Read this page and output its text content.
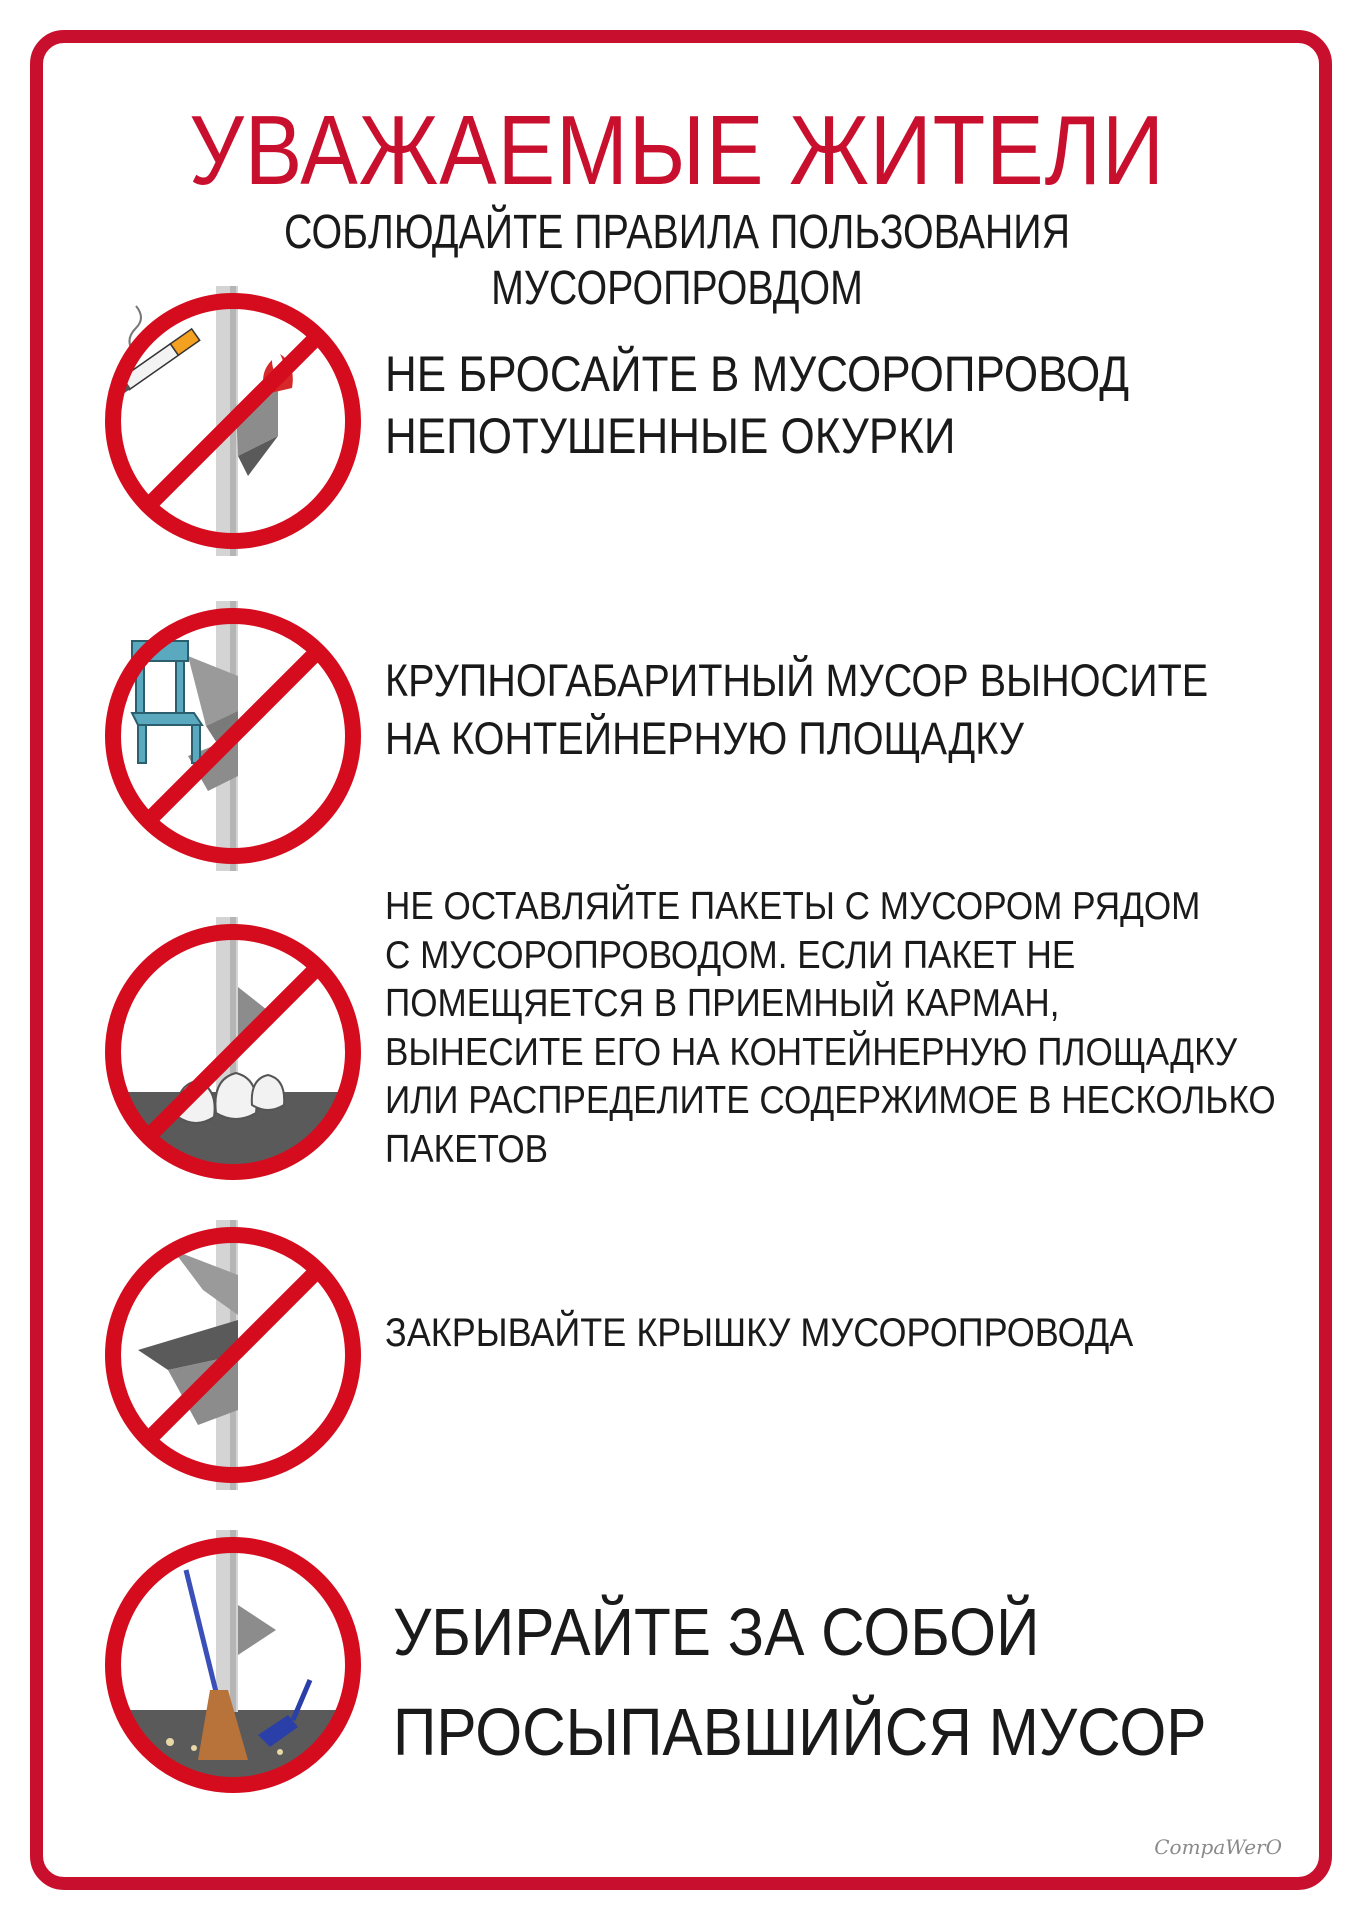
УВАЖАЕМЫЕ ЖИТЕЛИ
СОБЛЮДАЙТЕ ПРАВИЛА ПОЛЬЗОВАНИЯ МУСОРОПРОВДОМ

НЕ БРОСАЙТЕ В МУСОРОПРОВОД
НЕПОТУШЕННЫЕ ОКУРКИ

КРУПНОГАБАРИТНЫЙ МУСОР ВЫНОСИТЕ
НА КОНТЕЙНЕРНУЮ ПЛОЩАДКУ

НЕ ОСТАВЛЯЙТЕ ПАКЕТЫ С МУСОРОМ РЯДОМ
С МУСОРОПРОВОДОМ. ЕСЛИ ПАКЕТ НЕ
ПОМЕЩЯЕТСЯ В ПРИЕМНЫЙ КАРМАН,
ВЫНЕСИТЕ ЕГО НА КОНТЕЙНЕРНУЮ ПЛОЩАДКУ
ИЛИ РАСПРЕДЕЛИТЕ СОДЕРЖИМОЕ В НЕСКОЛЬКО
ПАКЕТОВ

ЗАКРЫВАЙТЕ КРЫШКУ МУСОРОПРОВОДА

УБИРАЙТЕ ЗА СОБОЙ
ПРОСЫПАВШИЙСЯ МУСОР

CompaWerO
